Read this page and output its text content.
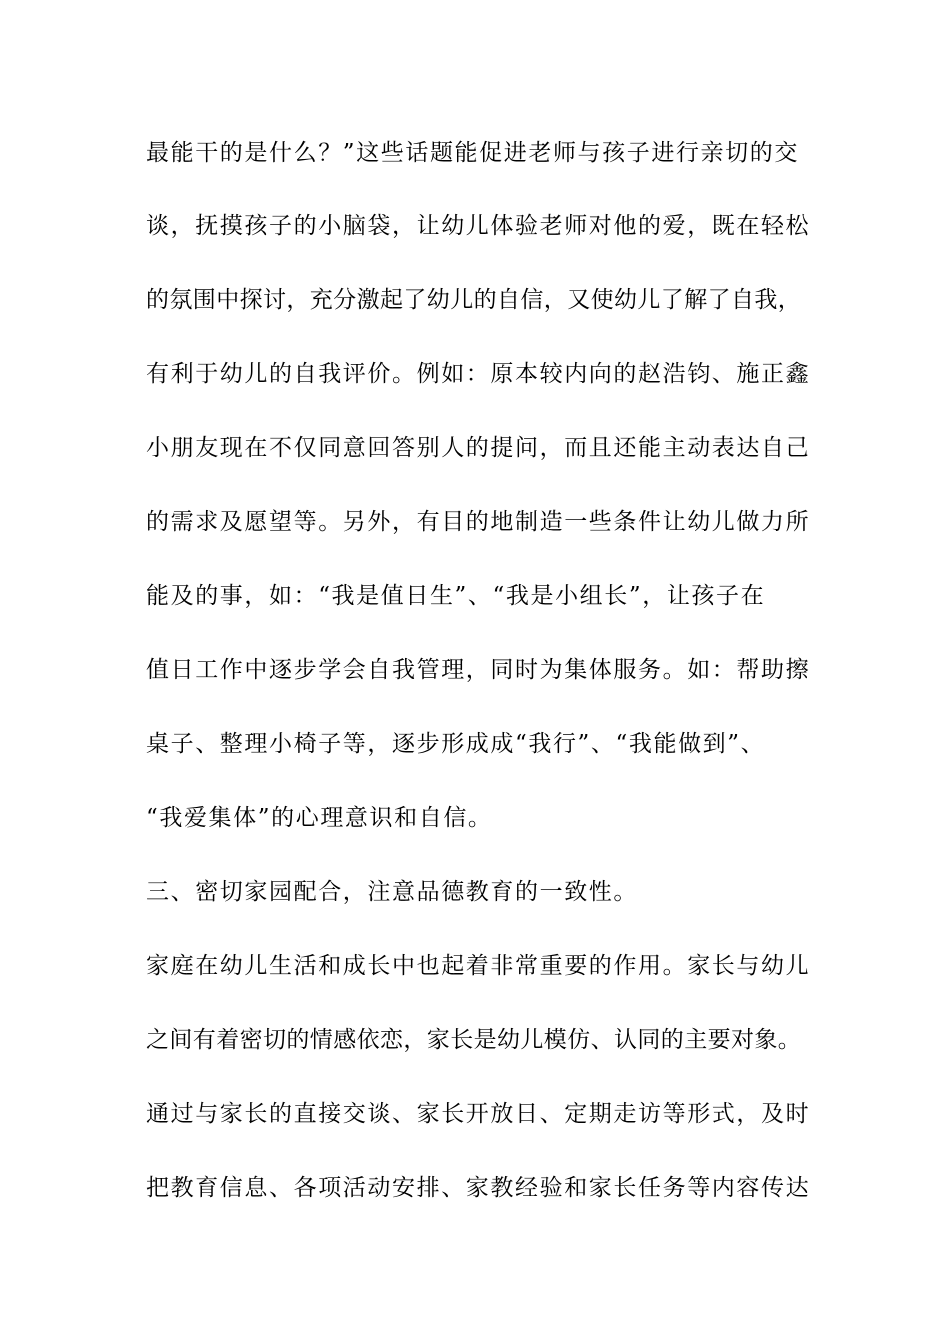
最能干的是什么？”这些话题能促进老师与孩子进行亲切的交

谈，抚摸孩子的小脑袋，让幼儿体验老师对他的爱，既在轻松

的氛围中探讨，充分激起了幼儿的自信，又使幼儿了解了自我，

有利于幼儿的自我评价。例如：原本较内向的赵浩钧、施正鑫

小朋友现在不仅同意回答别人的提问，而且还能主动表达自己

的需求及愿望等。另外，有目的地制造一些条件让幼儿做力所

能及的事，如：“我是值日生”、“我是小组长”，让孩子在

值日工作中逐步学会自我管理，同时为集体服务。如：帮助擦

桌子、整理小椅子等，逐步形成成“我行”、“我能做到”、

“我爱集体”的心理意识和自信。

三、密切家园配合，注意品德教育的一致性。

家庭在幼儿生活和成长中也起着非常重要的作用。家长与幼儿

之间有着密切的情感依恋，家长是幼儿模仿、认同的主要对象。

通过与家长的直接交谈、家长开放日、定期走访等形式，及时

把教育信息、各项活动安排、家教经验和家长任务等内容传达
